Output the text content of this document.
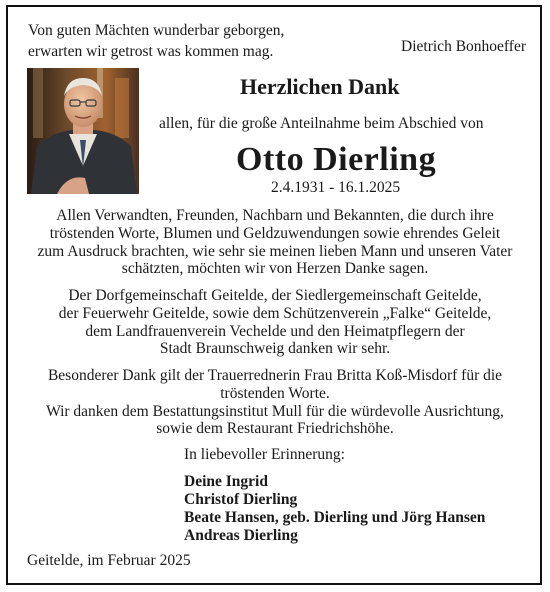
Von guten Mächten wunderbar geborgen,
erwarten wir getrost was kommen mag.	Dietrich Bonhoeffer
Herzlichen Dank
allen, für die große Anteilnahme beim Abschied von
Otto Dierling
2.4.1931 - 16.1.2025
Allen Verwandten, Freunden, Nachbarn und Bekannten, die durch ihre
tröstenden Worte, Blumen und Geldzuwendungen sowie ehrendes Geleit
zum Ausdruck brachten, wie sehr sie meinen lieben Mann und unseren Vater
schätzten, möchten wir von Herzen Danke sagen.
Der Dorfgemeinschaft Geitelde, der Siedlergemeinschaft Geitelde,
der Feuerwehr Geitelde, sowie dem Schützenverein „Falke“ Geitelde,
dem Landfrauenverein Vechelde und den Heimatpflegern der
Stadt Braunschweig danken wir sehr.
Besonderer Dank gilt der Trauerrednerin Frau Britta Koß-Misdorf für die
tröstenden Worte.
Wir danken dem Bestattungsinstitut Mull für die würdevolle Ausrichtung,
sowie dem Restaurant Friedrichshöhe.
In liebevoller Erinnerung:
Deine Ingrid
Christof Dierling
Beate Hansen, geb. Dierling und Jörg Hansen
Andreas Dierling
Geitelde, im Februar 2025
